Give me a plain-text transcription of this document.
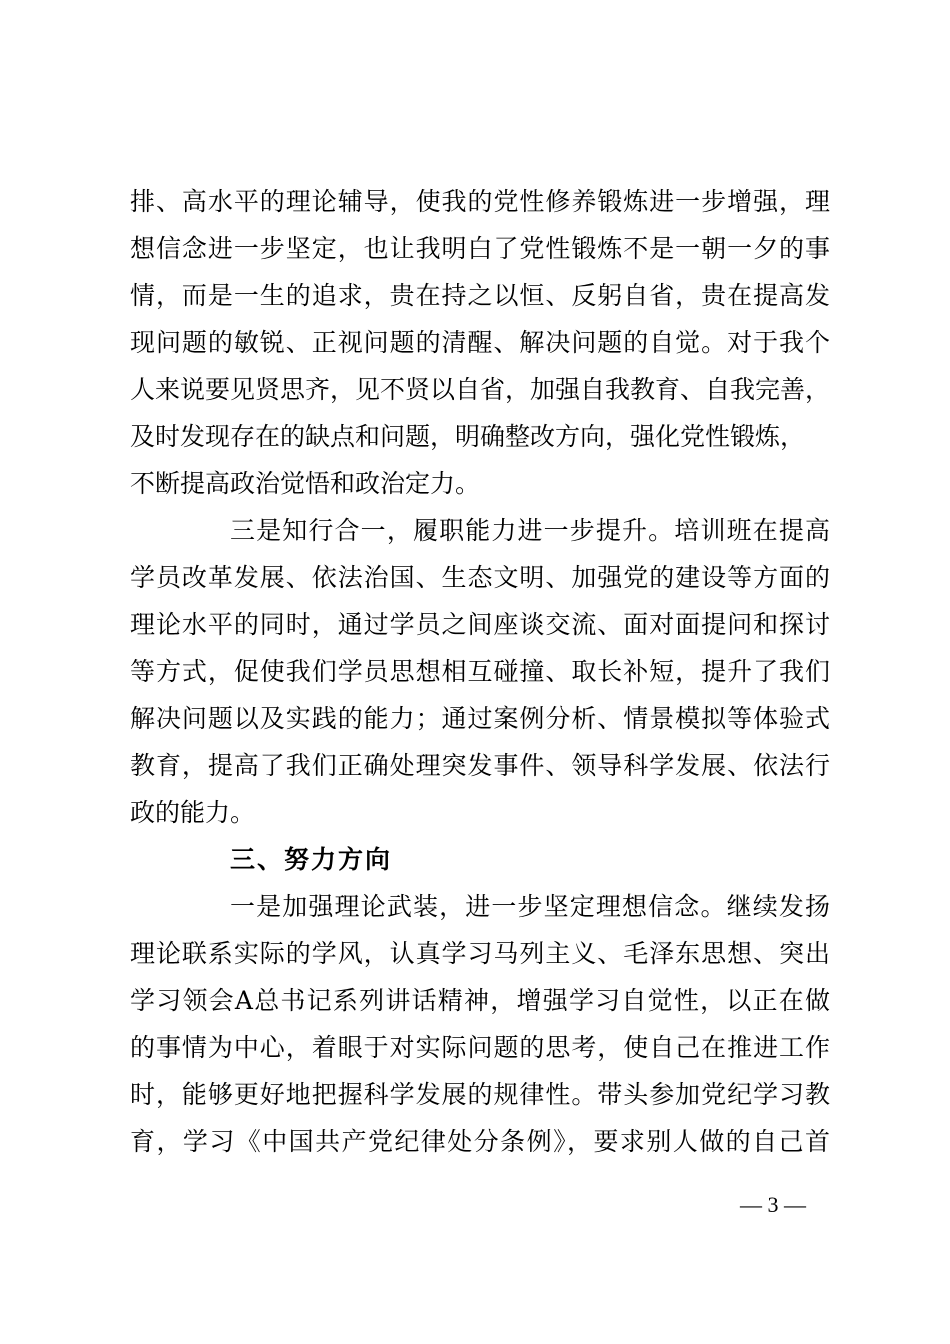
排、高水平的理论辅导，使我的党性修养锻炼进一步增强，理
想信念进一步坚定，也让我明白了党性锻炼不是一朝一夕的事
情，而是一生的追求，贵在持之以恒、反躬自省，贵在提高发
现问题的敏锐、正视问题的清醒、解决问题的自觉。对于我个
人来说要见贤思齐，见不贤以自省，加强自我教育、自我完善，
及时发现存在的缺点和问题，明确整改方向，强化党性锻炼，
不断提高政治觉悟和政治定力。
三是知行合一，履职能力进一步提升。培训班在提高
学员改革发展、依法治国、生态文明、加强党的建设等方面的
理论水平的同时，通过学员之间座谈交流、面对面提问和探讨
等方式，促使我们学员思想相互碰撞、取长补短，提升了我们
解决问题以及实践的能力；通过案例分析、情景模拟等体验式
教育，提高了我们正确处理突发事件、领导科学发展、依法行
政的能力。
三、努力方向
一是加强理论武装，进一步坚定理想信念。继续发扬
理论联系实际的学风，认真学习马列主义、毛泽东思想、突出
学习领会A总书记系列讲话精神，增强学习自觉性，以正在做
的事情为中心，着眼于对实际问题的思考，使自己在推进工作
时，能够更好地把握科学发展的规律性。带头参加党纪学习教
育，学习《中国共产党纪律处分条例》，要求别人做的自己首
— 3 —
